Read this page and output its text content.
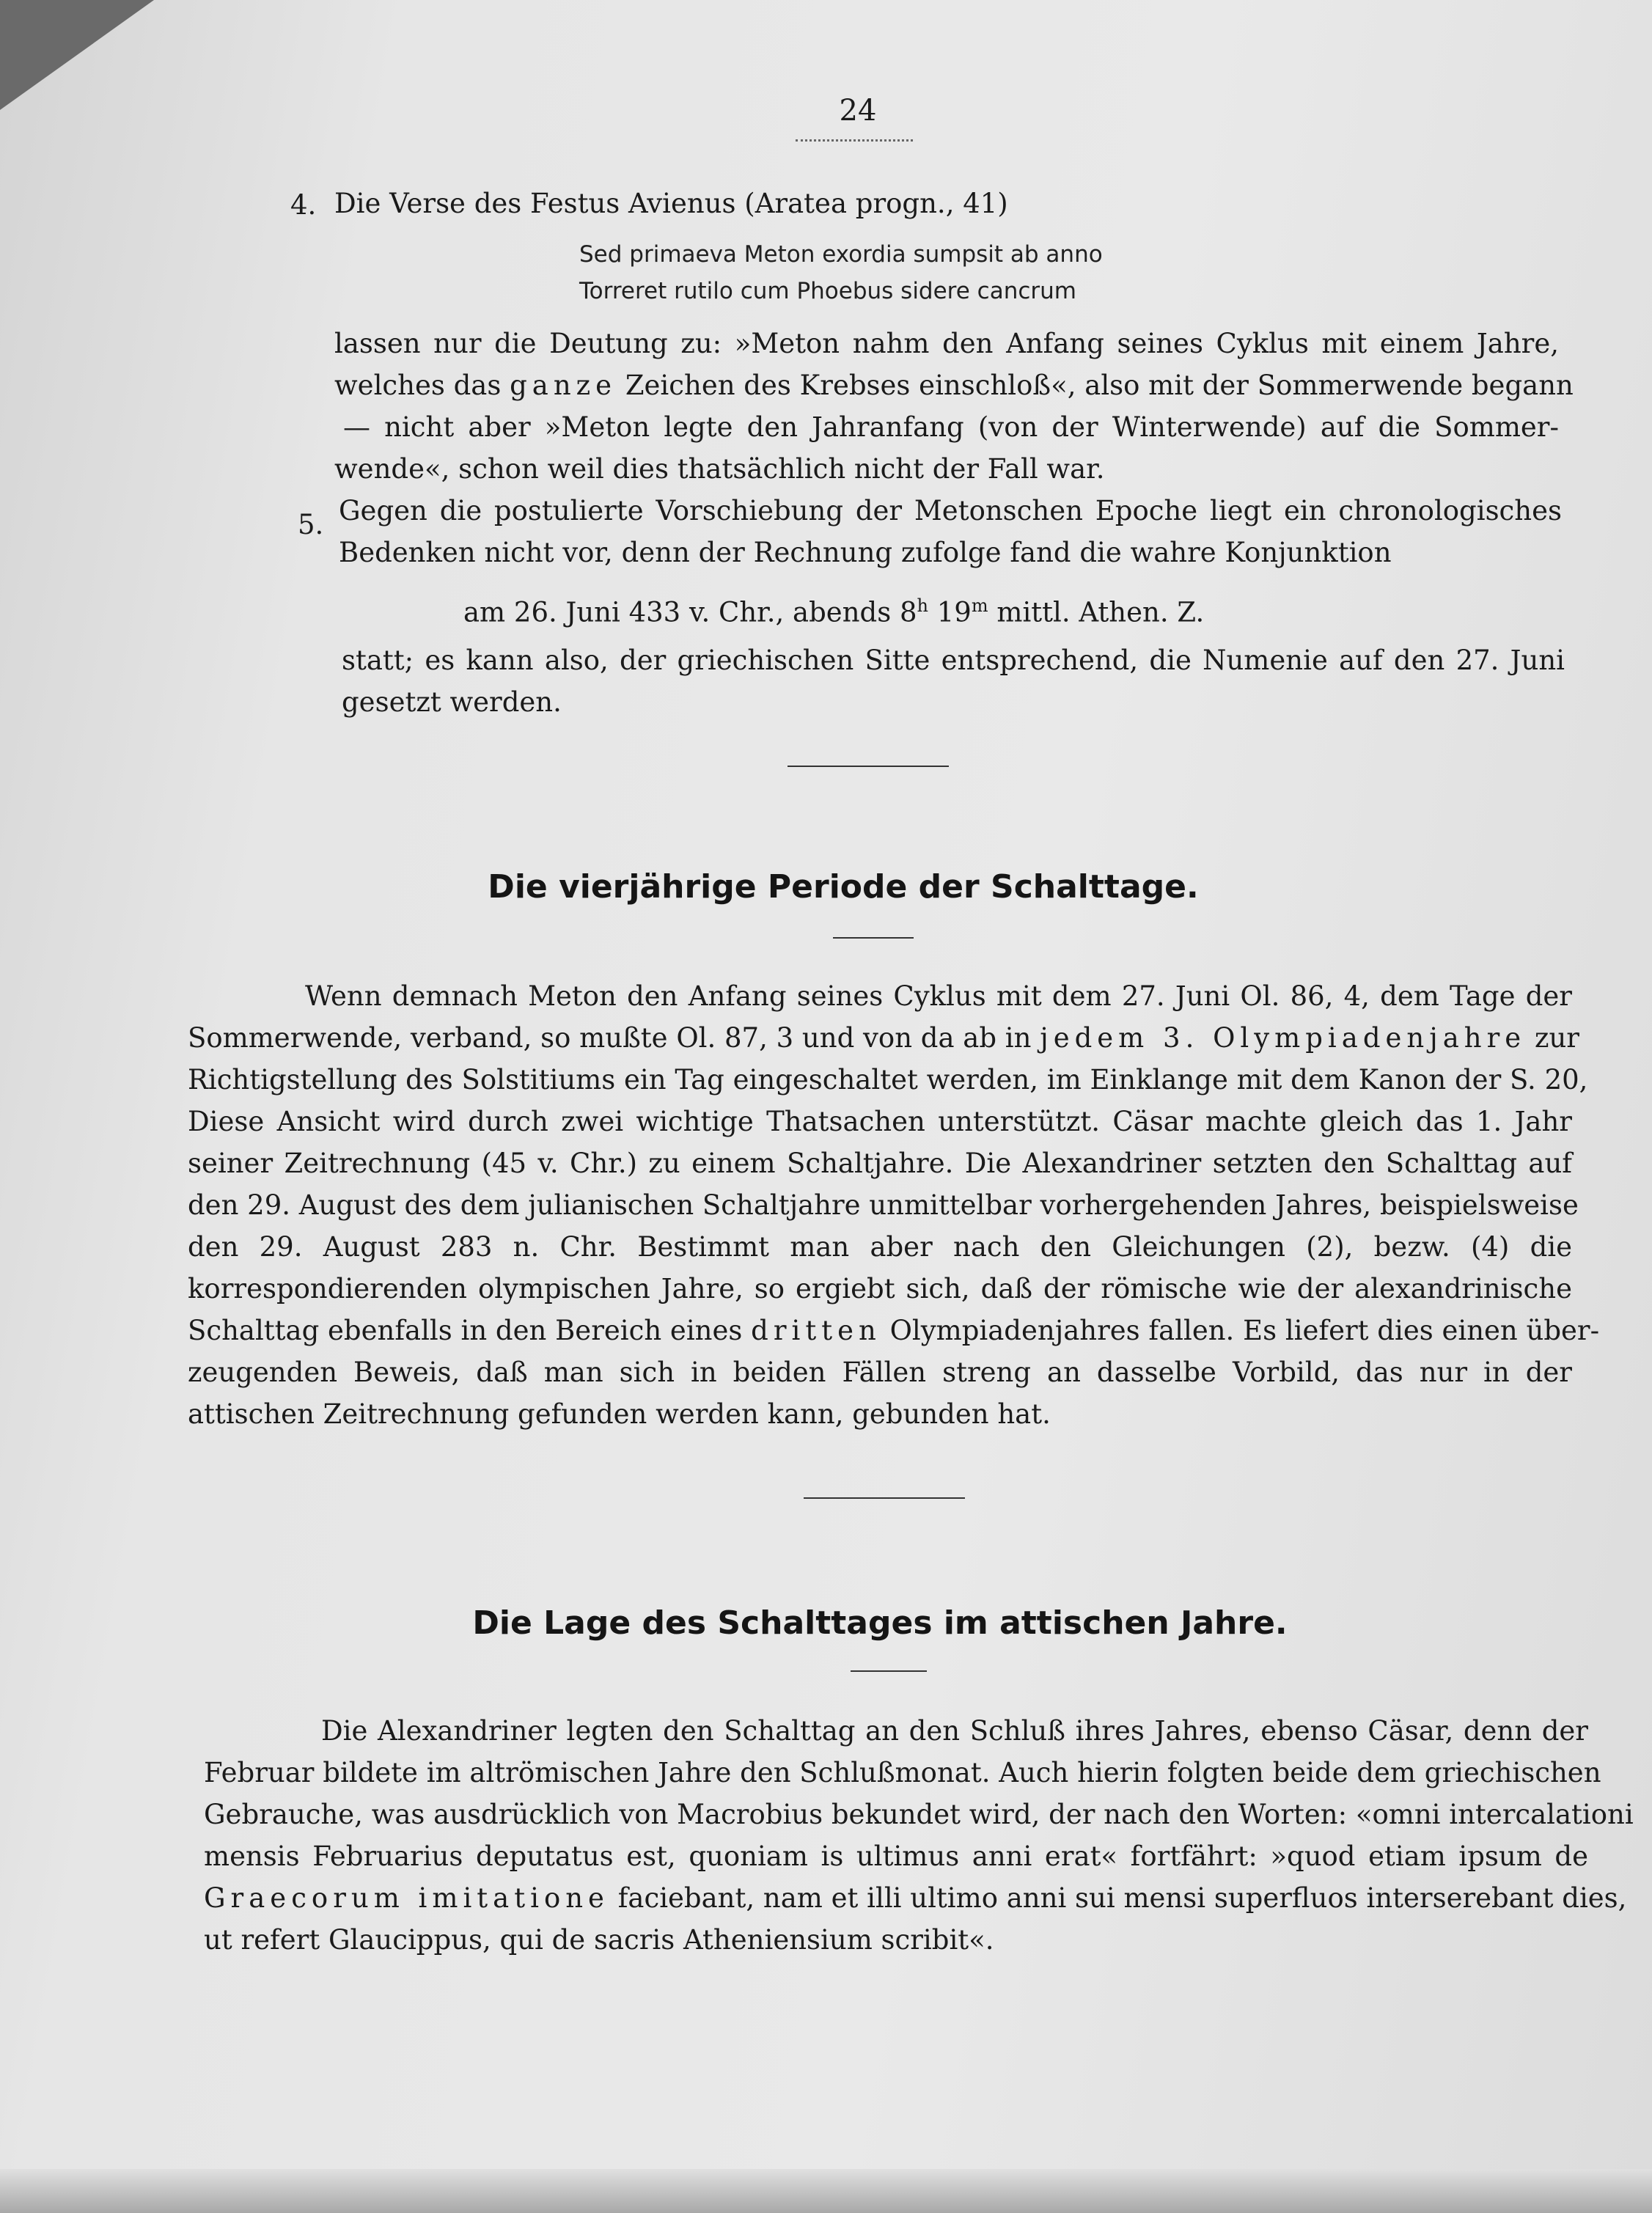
24
4. Die Verse des Festus Avienus (Aratea progn., 41)
Sed primaeva Meton exordia sumpsit ab anno
Torreret rutilo cum Phoebus sidere cancrum
lassen nur die Deutung zu: »Meton nahm den Anfang seines Cyklus mit einem Jahre,
welches das ganze Zeichen des Krebses einschloß«, also mit der Sommerwende begann
— nicht aber »Meton legte den Jahranfang (von der Winterwende) auf die Sommer-
wende«, schon weil dies thatsächlich nicht der Fall war.
5. Gegen die postulierte Vorschiebung der Metonschen Epoche liegt ein chronologisches
Bedenken nicht vor, denn der Rechnung zufolge fand die wahre Konjunktion
am 26. Juni 433 v. Chr., abends 8$^h$ 19$^m$ mittl. Athen. Z.
statt; es kann also, der griechischen Sitte entsprechend, die Numenie auf den 27. Juni
gesetzt werden.
Die vierjährige Periode der Schalttage.
Wenn demnach Meton den Anfang seines Cyklus mit dem 27. Juni Ol. 86, 4, dem Tage der
Sommerwende, verband, so mußte Ol. 87, 3 und von da ab in jedem 3. Olympiadenjahre zur
Richtigstellung des Solstitiums ein Tag eingeschaltet werden, im Einklange mit dem Kanon der S. 20,
Diese Ansicht wird durch zwei wichtige Thatsachen unterstützt. Cäsar machte gleich das 1. Jahr
seiner Zeitrechnung (45 v. Chr.) zu einem Schaltjahre. Die Alexandriner setzten den Schalttag auf
den 29. August des dem julianischen Schaltjahre unmittelbar vorhergehenden Jahres, beispielsweise
den 29. August 283 n. Chr. Bestimmt man aber nach den Gleichungen (2), bezw. (4) die
korrespondierenden olympischen Jahre, so ergiebt sich, daß der römische wie der alexandrinische
Schalttag ebenfalls in den Bereich eines dritten Olympiadenjahres fallen. Es liefert dies einen über-
zeugenden Beweis, daß man sich in beiden Fällen streng an dasselbe Vorbild, das nur in der
attischen Zeitrechnung gefunden werden kann, gebunden hat.
Die Lage des Schalttages im attischen Jahre.
Die Alexandriner legten den Schalttag an den Schluß ihres Jahres, ebenso Cäsar, denn der
Februar bildete im altrömischen Jahre den Schlußmonat. Auch hierin folgten beide dem griechischen
Gebrauche, was ausdrücklich von Macrobius bekundet wird, der nach den Worten: «omni intercalationi
mensis Februarius deputatus est, quoniam is ultimus anni erat« fortfährt: »quod etiam ipsum de
Graecorum imitatione faciebant, nam et illi ultimo anni sui mensi superfluos interserebant dies,
ut refert Glaucippus, qui de sacris Atheniensium scribit«.
